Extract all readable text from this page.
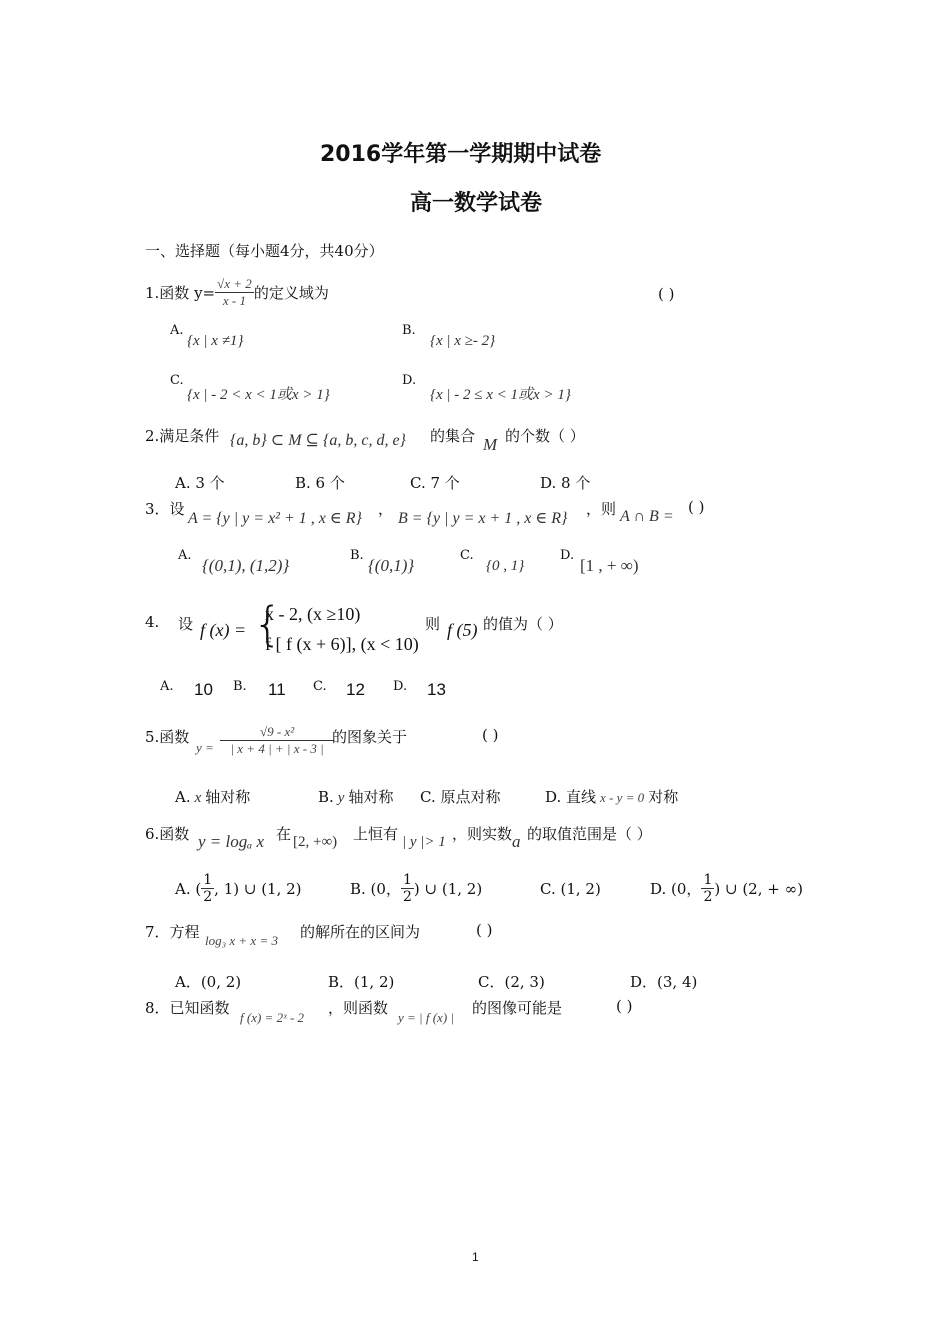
2016学年第一学期期中试卷
高一数学试卷
一、选择题（每小题4分，共40分）
1.函数 $y= \frac{√x + 2}{x - 1}$ 的定义域为	( )
A.
{x | x ≠1}
B.
{x | x ≥- 2}
C.
{x | - 2 < x < 1或x > 1}
D.
{x | - 2 ≤ x < 1或x > 1}
2.满足条件 {a, b} ⊂ M ⊆ {a, b, c, d, e} 的集合 M 的个数（ ）
A. 3 个	B. 6 个	C. 7 个	D. 8 个
3．设
A = {y | y = x² + 1 , x ∈ R}
，
B = {y | y = x + 1 , x ∈ R}
，则 A ∩ B =
( )
A.
{(0,1), (1,2)}
B.
{(0,1)}
C.
{0 , 1}
D.
[1 , + ∞)
4. 设 f (x) = {
x - 2, (x ≥10)
f [ f (x + 6)], (x < 10)
则 f (5) 的值为（ ）
A. 10 B. 11 C. 12 D. 13
5.函数
$y = \frac{\text{√9 - x²}}{| x + 4 | + | x - 3 |}$
的图象关于	( )
A. x 轴对称	B. y 轴对称 C. 原点对称	D. 直线 x - y = 0 对称
6.函数 y = logₐ x 在 [2, +∞) 上恒有 | y |> 1 ，则实数 a 的取值范围是（ ）
A. ( $\frac{1}{2}$ , 1) ∪ (1, 2)	B. (0， $\frac{1}{2}$ ) ∪ (1, 2)	C. (1, 2)	D. (0， $\frac{1}{2}$ ) ∪ (2, + ∞)
7．方程 log₃ x + x = 3 的解所在的区间为	( )
A．(0, 2)	B．(1, 2)	C．(2, 3)	D．(3, 4)
8．已知函数
f (x) = 2ˣ - 2
，则函数
y = | f (x) |
的图像可能是	( )
1
